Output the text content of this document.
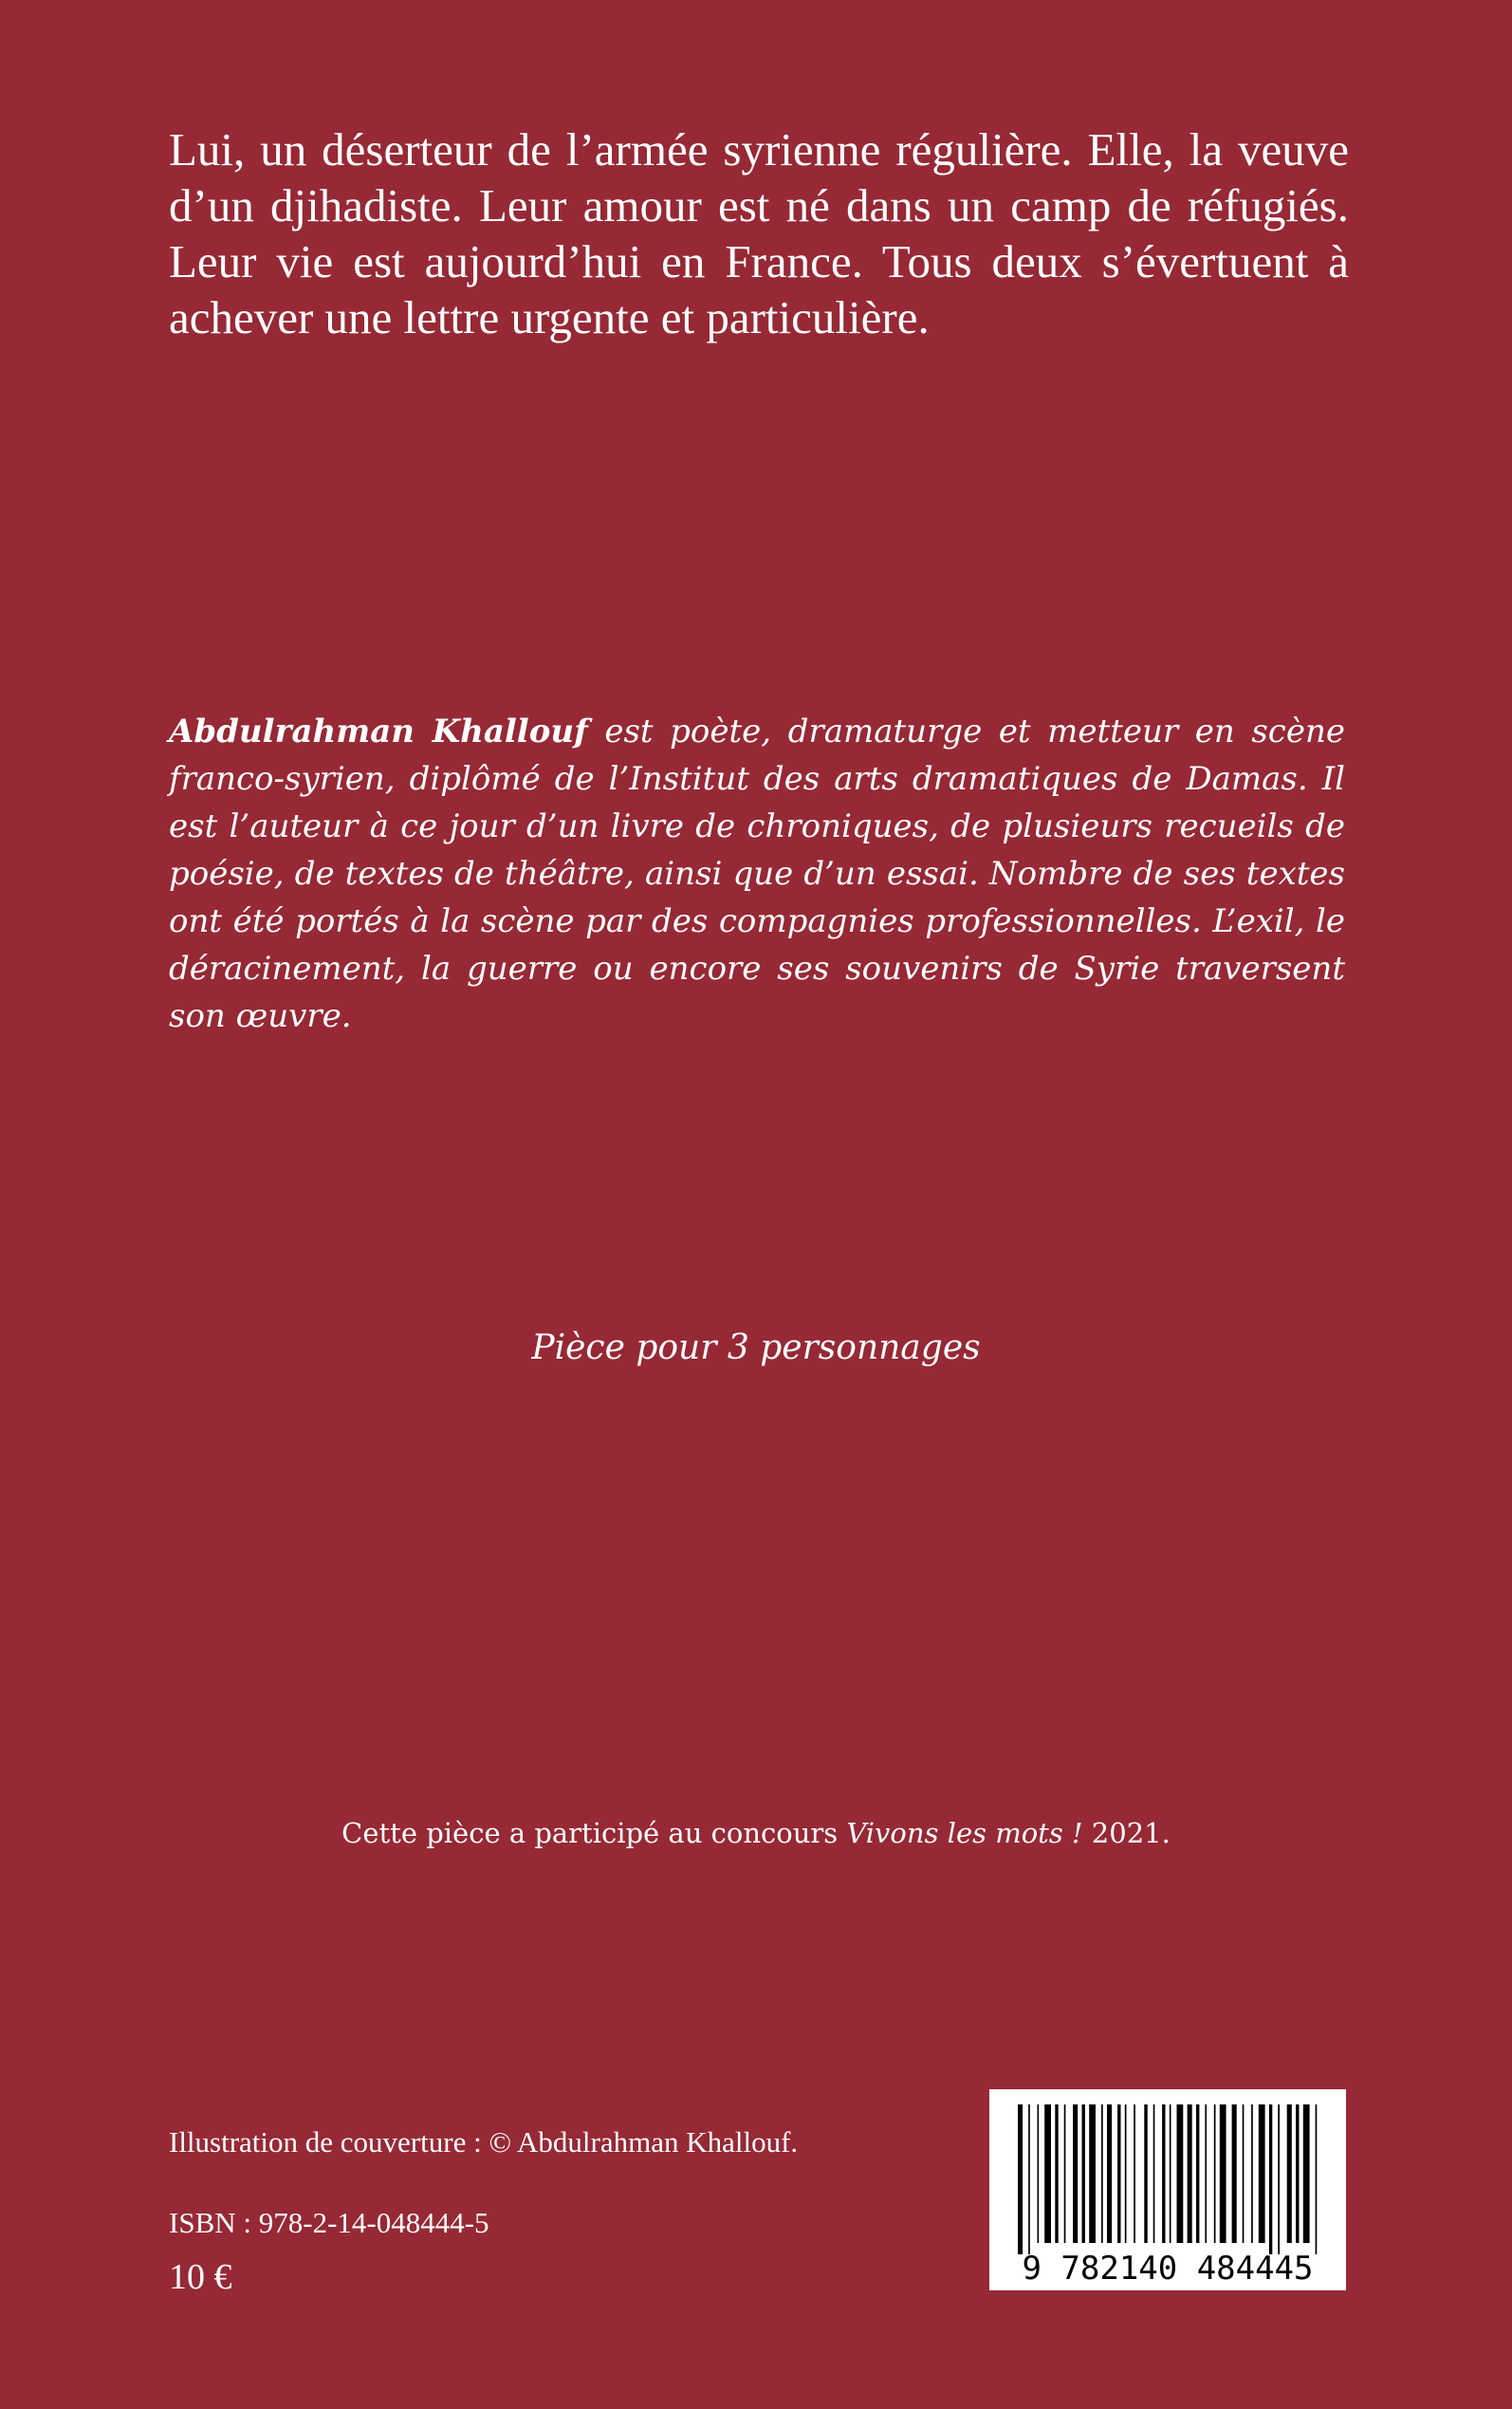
Lui, un déserteur de l’armée syrienne régulière. Elle, la veuve d’un djihadiste. Leur amour est né dans un camp de réfugiés. Leur vie est aujourd’hui en France. Tous deux s’évertuent à achever une lettre urgente et particulière.

Abdulrahman Khallouf est poète, dramaturge et metteur en scène franco-syrien, diplômé de l’Institut des arts dramatiques de Damas. Il est l’auteur à ce jour d’un livre de chroniques, de plusieurs recueils de poésie, de textes de théâtre, ainsi que d’un essai. Nombre de ses textes ont été portés à la scène par des compagnies professionnelles. L’exil, le déracinement, la guerre ou encore ses souvenirs de Syrie traversent son œuvre.

Pièce pour 3 personnages
Cette pièce a participé au concours Vivons les mots ! 2021.
Illustration de couverture : © Abdulrahman Khallouf.
ISBN : 978-2-14-048444-5
10 €	9 782140 484445
